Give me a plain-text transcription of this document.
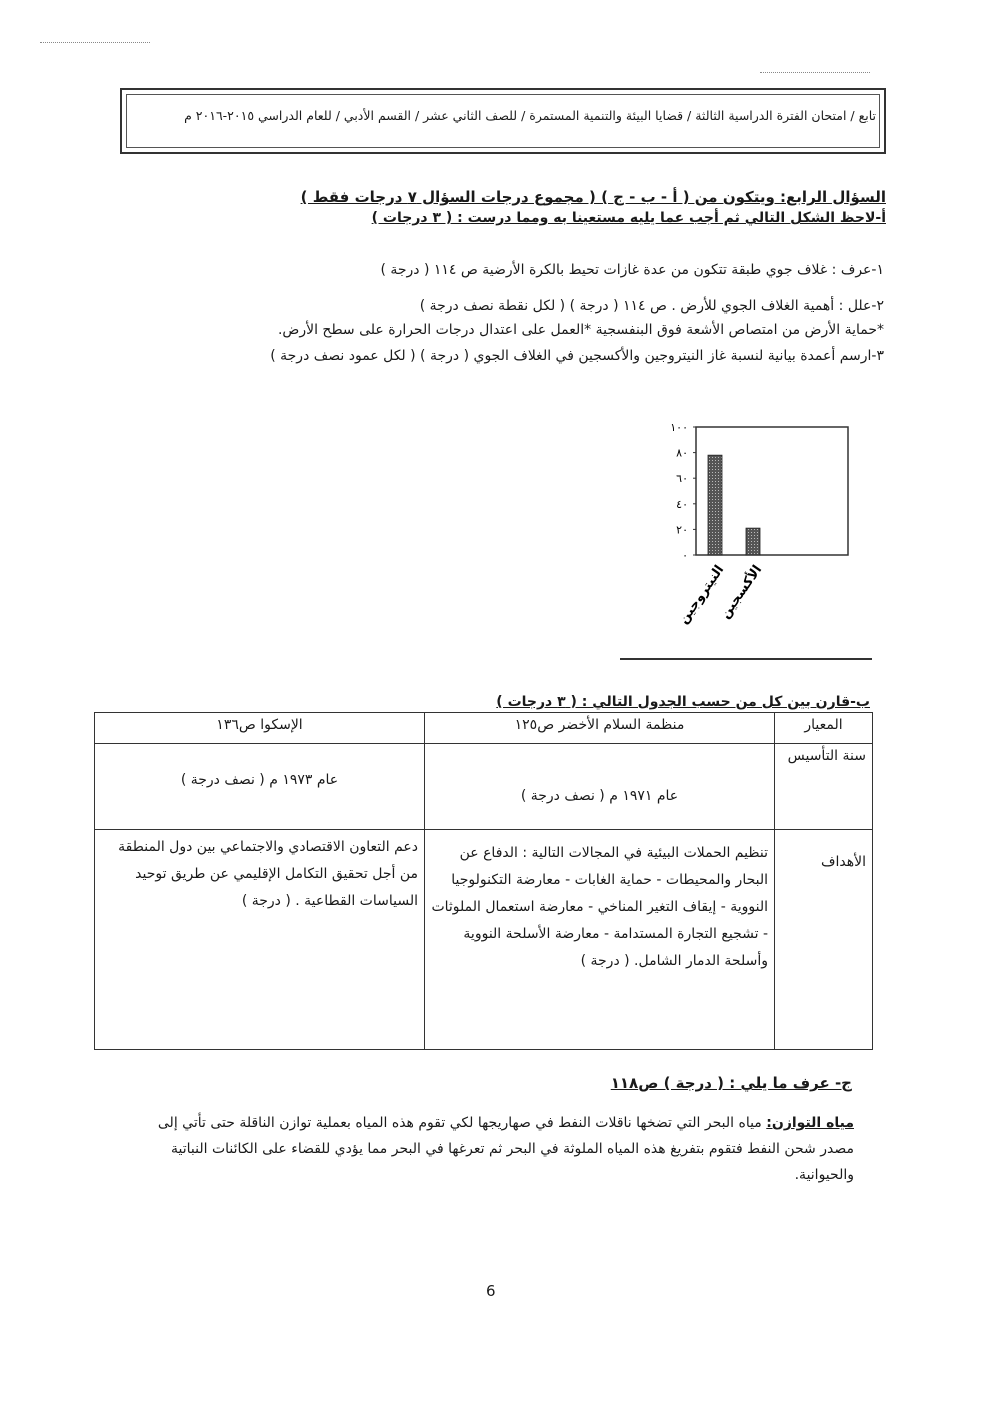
تابع / امتحان الفترة الدراسية الثالثة / قضايا البيئة والتنمية المستمرة / للصف الثاني عشر / القسم الأدبي / للعام الدراسي ٢٠١٥-٢٠١٦ م
السؤال الرابع: ويتكون من ( أ - ب - ج ) ( مجموع درجات السؤال ٧ درجات فقط )
أ-لاحظ الشكل التالي ثم أجب عما يليه مستعينا به ومما درست : ( ٣ درجات )
١-عرف : غلاف جوي طبقة تتكون من عدة غازات تحيط بالكرة الأرضية ص ١١٤ ( درجة )
٢-علل : أهمية الغلاف الجوي للأرض . ص ١١٤ ( درجة ) ( لكل نقطة نصف درجة )
*حماية الأرض من امتصاص الأشعة فوق البنفسجية *العمل على اعتدال درجات الحرارة على سطح الأرض.
٣-ارسم أعمدة بيانية لنسبة غاز النيتروجين والأكسجين في الغلاف الجوي ( درجة ) ( لكل عمود نصف درجة )
٠
٢٠
٤٠
٦٠
٨٠
١٠٠
النيتروجين
الأكسجين
ب-قارن بين كل من حسب الجدول التالي : ( ٣ درجات )
المعيار	منظمة السلام الأخضر ص١٢٥	الإسكوا ص١٣٦
سنة التأسيس	عام ١٩٧١ م ( نصف درجة )	عام ١٩٧٣ م ( نصف درجة )
الأهداف	تنظيم الحملات البيئية في المجالات التالية : الدفاع عن البحار والمحيطات - حماية الغابات - معارضة التكنولوجيا النووية - إيقاف التغير المناخي - معارضة استعمال الملوثات - تشجيع التجارة المستدامة - معارضة الأسلحة النووية وأسلحة الدمار الشامل. ( درجة )	دعم التعاون الاقتصادي والاجتماعي بين دول المنطقة من أجل تحقيق التكامل الإقليمي عن طريق توحيد السياسات القطاعية . ( درجة )
ج- عرف ما يلي : ( درجة ) ص١١٨
مياه التوازن: مياه البحر التي تضخها ناقلات النفط في صهاريجها لكي تقوم هذه المياه بعملية توازن الناقلة حتى تأتي إلى مصدر شحن النفط فتقوم بتفريغ هذه المياه الملوثة في البحر ثم تعرغها في البحر مما يؤدي للقضاء على الكائنات النباتية والحيوانية.
6
